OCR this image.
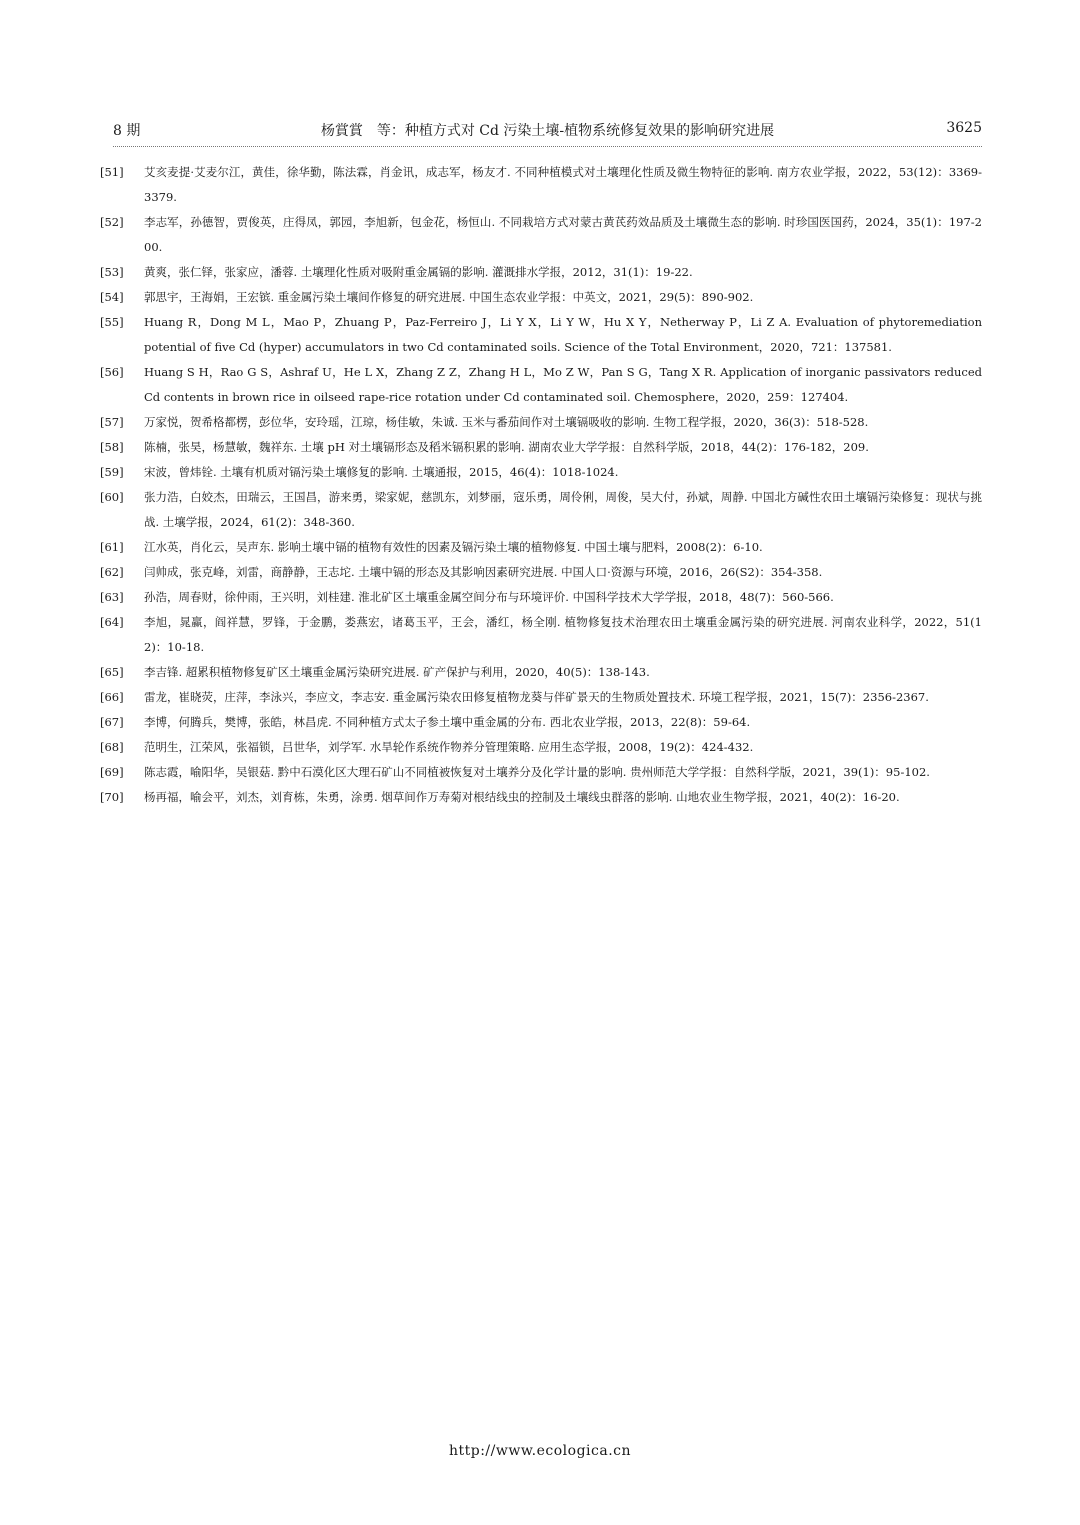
8 期	杨賞賞　等：种植方式对 Cd 污染土壤-植物系统修复效果的影响研究进展	3625
[51]	艾亥麦提·艾麦尔江，黄佳，徐华勤，陈法霖，肖金讯，成志军，杨友才. 不同种植模式对土壤理化性质及微生物特征的影响. 南方农业学报，2022，53(12)：3369-3379.
[52]	李志军，孙德智，贾俊英，庄得凤，郭园，李旭新，包金花，杨恒山. 不同栽培方式对蒙古黄芪药效品质及土壤微生态的影响. 时珍国医国药，2024，35(1)：197-200.
[53]	黄爽，张仁铎，张家应，潘蓉. 土壤理化性质对吸附重金属镉的影响. 灌溉排水学报，2012，31(1)：19-22.
[54]	郭思宇，王海娟，王宏镔. 重金属污染土壤间作修复的研究进展. 中国生态农业学报：中英文，2021，29(5)：890-902.
[55]	Huang R，Dong M L，Mao P，Zhuang P，Paz-Ferreiro J，Li Y X，Li Y W，Hu X Y，Netherway P，Li Z A. Evaluation of phytoremediation potential of five Cd (hyper) accumulators in two Cd contaminated soils. Science of the Total Environment，2020，721：137581.
[56]	Huang S H，Rao G S，Ashraf U，He L X，Zhang Z Z，Zhang H L，Mo Z W，Pan S G，Tang X R. Application of inorganic passivators reduced Cd contents in brown rice in oilseed rape-rice rotation under Cd contaminated soil. Chemosphere，2020，259：127404.
[57]	万家悦，贺希格都楞，彭位华，安玲瑶，江琼，杨佳敏，朱诚. 玉米与番茄间作对土壤镉吸收的影响. 生物工程学报，2020，36(3)：518-528.
[58]	陈楠，张昊，杨慧敏，魏祥东. 土壤 pH 对土壤镉形态及稻米镉积累的影响. 湖南农业大学学报：自然科学版，2018，44(2)：176-182，209.
[59]	宋波，曾炜铨. 土壤有机质对镉污染土壤修复的影响. 土壤通报，2015，46(4)：1018-1024.
[60]	张力浩，白姣杰，田瑞云，王国昌，游来勇，梁家妮，慈凯东，刘梦丽，寇乐勇，周伶俐，周俊，吴大付，孙斌，周静. 中国北方碱性农田土壤镉污染修复：现状与挑战. 土壤学报，2024，61(2)：348-360.
[61]	江水英，肖化云，吴声东. 影响土壤中镉的植物有效性的因素及镉污染土壤的植物修复. 中国土壤与肥料，2008(2)：6-10.
[62]	闫帅成，张克峰，刘雷，商静静，王志坨. 土壤中镉的形态及其影响因素研究进展. 中国人口·资源与环境，2016，26(S2)：354-358.
[63]	孙浩，周春财，徐仲雨，王兴明，刘桂建. 淮北矿区土壤重金属空间分布与环境评价. 中国科学技术大学学报，2018，48(7)：560-566.
[64]	李旭，晁赢，阎祥慧，罗锋，于金鹏，娄燕宏，诸葛玉平，王会，潘红，杨全刚. 植物修复技术治理农田土壤重金属污染的研究进展. 河南农业科学，2022，51(12)：10-18.
[65]	李吉锋. 超累积植物修复矿区土壤重金属污染研究进展. 矿产保护与利用，2020，40(5)：138-143.
[66]	雷龙，崔晓荧，庄萍，李泳兴，李应文，李志安. 重金属污染农田修复植物龙葵与伴矿景天的生物质处置技术. 环境工程学报，2021，15(7)：2356-2367.
[67]	李博，何腾兵，樊博，张皓，林昌虎. 不同种植方式太子参土壤中重金属的分布. 西北农业学报，2013，22(8)：59-64.
[68]	范明生，江荣风，张福锁，吕世华，刘学军. 水旱轮作系统作物养分管理策略. 应用生态学报，2008，19(2)：424-432.
[69]	陈志霞，喻阳华，吴银菇. 黔中石漠化区大理石矿山不同植被恢复对土壤养分及化学计量的影响. 贵州师范大学学报：自然科学版，2021，39(1)：95-102.
[70]	杨再福，喻会平，刘杰，刘育栋，朱勇，涂勇. 烟草间作万寿菊对根结线虫的控制及土壤线虫群落的影响. 山地农业生物学报，2021，40(2)：16-20.
http://www.ecologica.cn
